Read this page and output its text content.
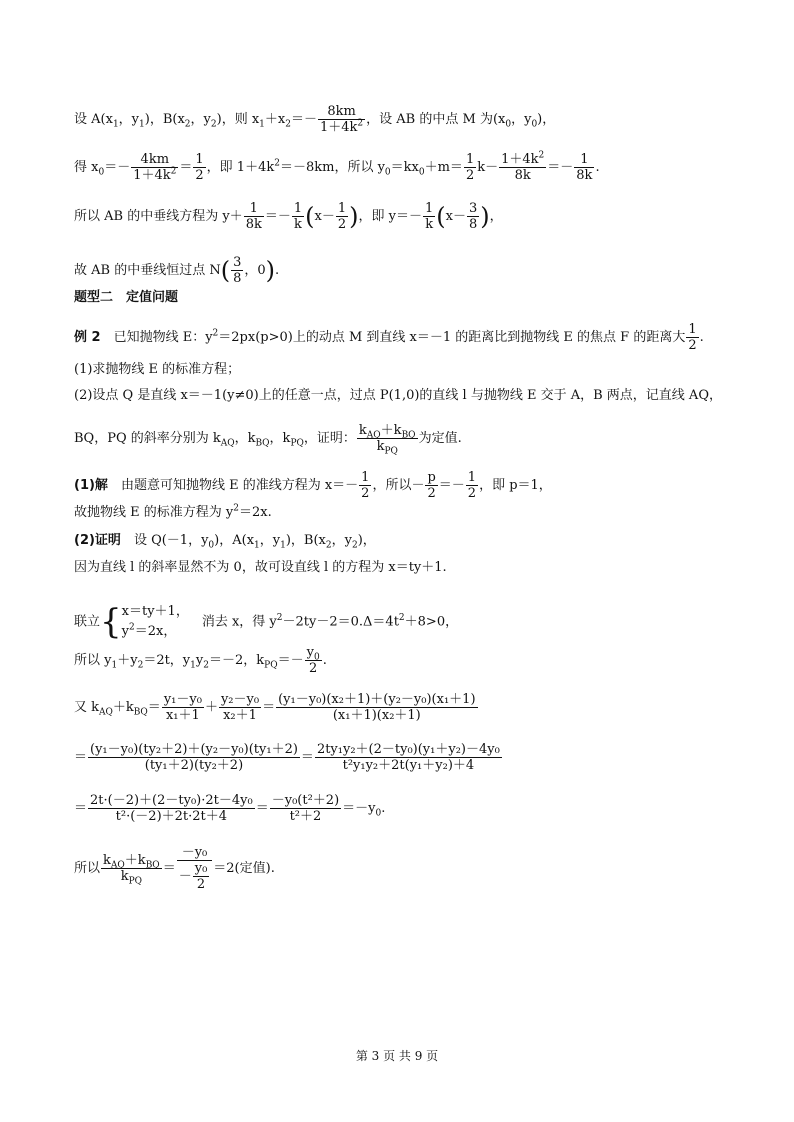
设 $A(x_1$，$y_1$)，$B(x_2$，$y_2$)，则 $x_1+x_2=- \frac{8km}{1+4k^2}$ ，设 AB 的中点 M 为($x_0$，$y_0$)，
得 $x_0=- \frac{4km}{1+4k^2} = \frac{1}{2}$ ，即 $1+4k^2=-8km$，所以 $y_0=kx_0+m= \frac{1}{2} k- \frac{1+4k^2}{8k} =- \frac{1}{8k}$ .
所以 AB 的中垂线方程为 $y+ \frac{1}{8k} =- \frac{1}{k} (x- \frac{1}{2}$ )，即 $y=- \frac{1}{k} (x- \frac{3}{8}$ )，
故 AB 的中垂线恒过点 $N( \frac{3}{8}$ ，0).
题型二　定值问题
例 2　已知抛物线 E：$y^2=2px(p>0)$上的动点 M 到直线 x＝－1 的距离比到抛物线 E 的焦点 F 的距离大 $\frac{1}{2}$ .
(1)求抛物线 E 的标准方程；
(2)设点 Q 是直线 x＝－1(y≠0)上的任意一点，过点 P(1,0)的直线 l 与抛物线 E 交于 A，B 两点，记直线 AQ，
BQ，PQ 的斜率分别为 $k_{AQ}$，$k_{BQ}$，$k_{PQ}$，证明： $\frac{k_{AQ}+k_{BQ}}{k_{PQ}}$ 为定值.
(1)解　由题意可知抛物线 E 的准线方程为 $x=- \frac{1}{2}$ ，所以－ $\frac{p}{2} =- \frac{1}{2}$ ，即 p＝1，
故抛物线 E 的标准方程为 $y^2=2x$.
(2)证明　设 Q(－1，$y_0$)，$A(x_1$，$y_1$)，$B(x_2$，$y_2$)，
因为直线 l 的斜率显然不为 0，故可设直线 l 的方程为 x＝ty＋1.
联立{ x＝ty＋1，
$y^2=2x$，
　消去 x，得 $y^2-2ty-2=0.\Delta=4t^2+8>0$，
所以 $y_1+y_2=2t$，$y_1y_2=-2$，$k_{PQ}=- \frac{y_0}{2}$ .
又 $k_{AQ}+k_{BQ}= \frac{\text{y₁－y₀}}{\text{x₁＋1}} + \frac{\text{y₂－y₀}}{\text{x₂＋1}} = \frac{\text{(y₁－y₀)(x₂＋1)＋(y₂－y₀)(x₁＋1)}}{\text{(x₁＋1)(x₂＋1)}}$
＝ $\frac{\text{(y₁－y₀)(ty₂＋2)＋(y₂－y₀)(ty₁＋2)}}{\text{(ty₁＋2)(ty₂＋2)}} = \frac{\text{2ty₁y₂＋(2－ty₀)(y₁＋y₂)－4y₀}}{\text{t²y₁y₂＋2t(y₁＋y₂)＋4}}$
＝ $\frac{\text{2t·(－2)＋(2－ty₀)·2t－4y₀}}{\text{t²·(－2)＋2t·2t＋4}} = \frac{\text{－y₀(t²＋2)}}{\text{t²＋2}} =-y_0$.
所以 $\frac{k_{AQ}+k_{BQ}}{k_{PQ}} = \frac{\text{－y₀}}{- \frac{\text{y₀}}{2}} =2$(定值).
第 3 页 共 9 页
